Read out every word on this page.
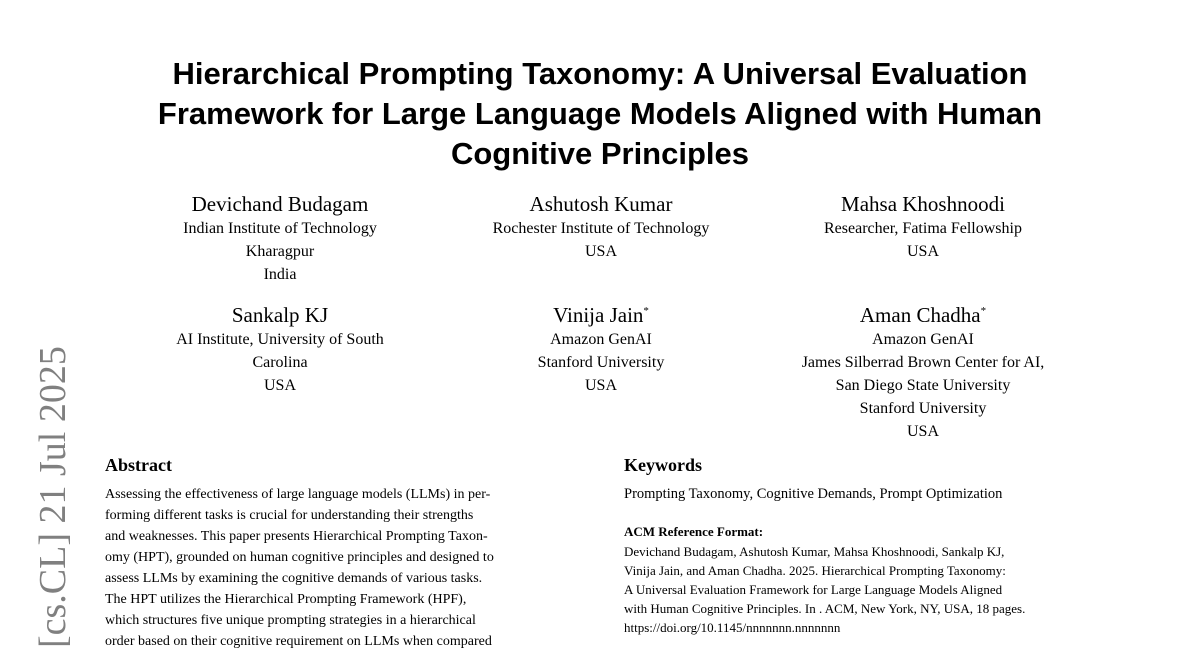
[cs.CL] 21 Jul 2025
Hierarchical Prompting Taxonomy: A Universal Evaluation
Framework for Large Language Models Aligned with Human
Cognitive Principles
Devichand Budagam
Indian Institute of Technology
Kharagpur
India
Ashutosh Kumar
Rochester Institute of Technology
USA
Mahsa Khoshnoodi
Researcher, Fatima Fellowship
USA
Sankalp KJ
AI Institute, University of South
Carolina
USA
Vinija Jain*
Amazon GenAI
Stanford University
USA
Aman Chadha*
Amazon GenAI
James Silberrad Brown Center for AI,
San Diego State University
Stanford University
USA
Abstract
Assessing the effectiveness of large language models (LLMs) in per-
forming different tasks is crucial for understanding their strengths
and weaknesses. This paper presents Hierarchical Prompting Taxon-
omy (HPT), grounded on human cognitive principles and designed to
assess LLMs by examining the cognitive demands of various tasks.
The HPT utilizes the Hierarchical Prompting Framework (HPF),
which structures five unique prompting strategies in a hierarchical
order based on their cognitive requirement on LLMs when compared
Keywords
Prompting Taxonomy, Cognitive Demands, Prompt Optimization
ACM Reference Format:
Devichand Budagam, Ashutosh Kumar, Mahsa Khoshnoodi, Sankalp KJ,
Vinija Jain, and Aman Chadha. 2025. Hierarchical Prompting Taxonomy:
A Universal Evaluation Framework for Large Language Models Aligned
with Human Cognitive Principles. In . ACM, New York, NY, USA, 18 pages.
https://doi.org/10.1145/nnnnnnn.nnnnnnn
